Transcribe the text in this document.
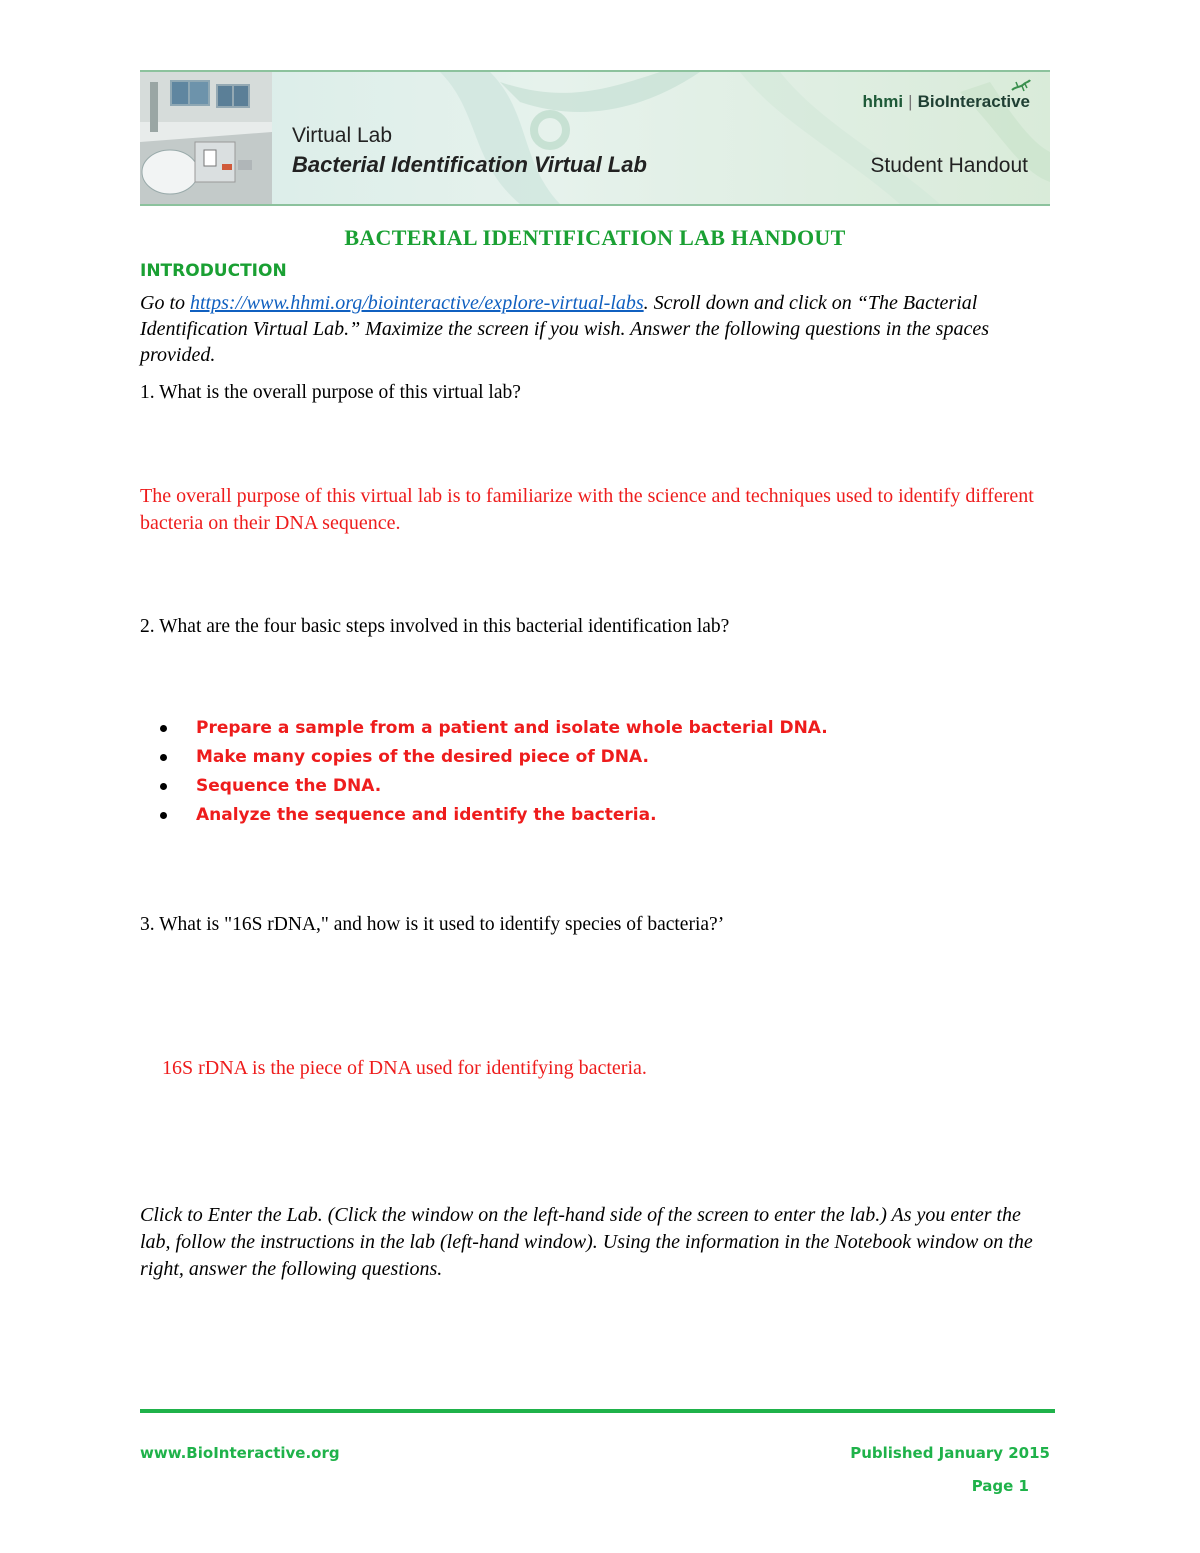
Virtual Lab
Bacterial Identification Virtual Lab
hhmi | BioInteractive
Student Handout
BACTERIAL IDENTIFICATION LAB HANDOUT
INTRODUCTION
Go to https://www.hhmi.org/biointeractive/explore-virtual-labs. Scroll down and click on “The Bacterial Identification Virtual Lab.” Maximize the screen if you wish. Answer the following questions in the spaces provided.
1. What is the overall purpose of this virtual lab?
The overall purpose of this virtual lab is to familiarize with the science and techniques used to identify different bacteria on their DNA sequence.
2. What are the four basic steps involved in this bacterial identification lab?
Prepare a sample from a patient and isolate whole bacterial DNA.
Make many copies of the desired piece of DNA.
Sequence the DNA.
Analyze the sequence and identify the bacteria.
3. What is "16S rDNA," and how is it used to identify species of bacteria?’
16S rDNA is the piece of DNA used for identifying bacteria.
Click to Enter the Lab. (Click the window on the left-hand side of the screen to enter the lab.) As you enter the lab, follow the instructions in the lab (left-hand window). Using the information in the Notebook window on the right, answer the following questions.
www.BioInteractive.org	Published January 2015
Page 1
